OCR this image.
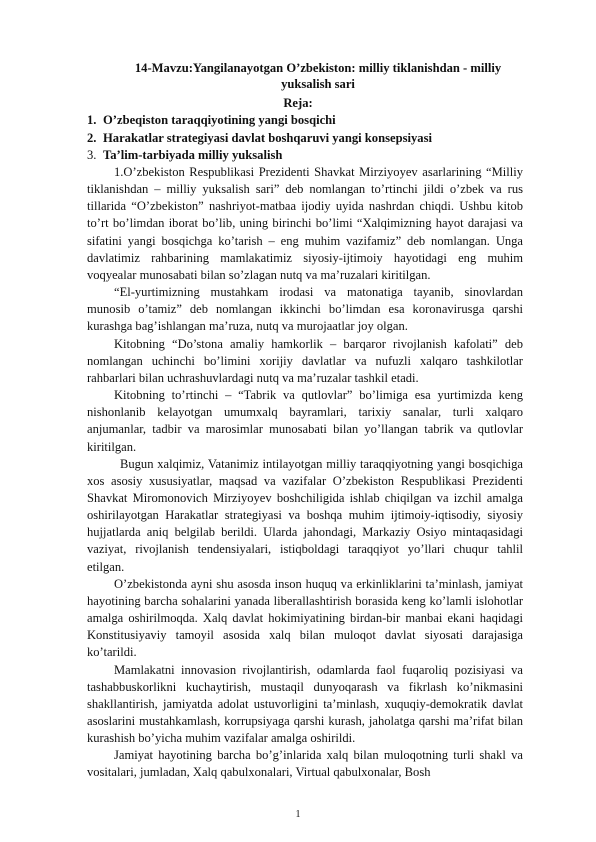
14-Mavzu:Yangilanayotgan O’zbekiston: milliy tiklanishdan - milliy yuksalish sari
Reja:
1. O’zbeqiston taraqqiyotining yangi bosqichi
2. Harakatlar strategiyasi davlat boshqaruvi yangi konsepsiyasi
3. Ta’lim-tarbiyada milliy yuksalish

1.O’zbekiston Respublikasi Prezidenti Shavkat Mirziyoyev asarlarining “Milliy tiklanishdan – milliy yuksalish sari” deb nomlangan to’rtinchi jildi o’zbek va rus tillarida “O’zbekiston” nashriyot-matbaa ijodiy uyida nashrdan chiqdi. Ushbu kitob to’rt bo’limdan iborat bo’lib, uning birinchi bo’limi “Xalqimizning hayot darajasi va sifatini yangi bosqichga ko’tarish – eng muhim vazifamiz” deb nomlangan. Unga davlatimiz rahbarining mamlakatimiz siyosiy-ijtimoiy hayotidagi eng muhim voqyealar munosabati bilan so’zlagan nutq va ma’ruzalari kiritilgan.

“El-yurtimizning mustahkam irodasi va matonatiga tayanib, sinovlardan munosib o’tamiz” deb nomlangan ikkinchi bo’limdan esa koronavirusga qarshi kurashga bag’ishlangan ma’ruza, nutq va murojaatlar joy olgan.

Kitobning “Do’stona amaliy hamkorlik – barqaror rivojlanish kafolati” deb nomlangan uchinchi bo’limini xorijiy davlatlar va nufuzli xalqaro tashkilotlar rahbarlari bilan uchrashuvlardagi nutq va ma’ruzalar tashkil etadi.

Kitobning to’rtinchi – “Tabrik va qutlovlar” bo’limiga esa yurtimizda keng nishonlanib kelayotgan umumxalq bayramlari, tarixiy sanalar, turli xalqaro anjumanlar, tadbir va marosimlar munosabati bilan yo’llangan tabrik va qutlovlar kiritilgan.

Bugun xalqimiz, Vatanimiz intilayotgan milliy taraqqiyotning yangi bosqichiga xos asosiy xususiyatlar, maqsad va vazifalar O’zbekiston Respublikasi Prezidenti Shavkat Miromonovich Mirziyoyev boshchiligida ishlab chiqilgan va izchil amalga oshirilayotgan Harakatlar strategiyasi va boshqa muhim ijtimoiy-iqtisodiy, siyosiy hujjatlarda aniq belgilab berildi. Ularda jahondagi, Markaziy Osiyo mintaqasidagi vaziyat, rivojlanish tendensiyalari, istiqboldagi taraqqiyot yo’llari chuqur tahlil etilgan.

O’zbekistonda ayni shu asosda inson huquq va erkinliklarini ta’minlash, jamiyat hayotining barcha sohalarini yanada liberallashtirish borasida keng ko’lamli islohotlar amalga oshirilmoqda. Xalq davlat hokimiyatining birdan-bir manbai ekani haqidagi Konstitusiyaviy tamoyil asosida xalq bilan muloqot davlat siyosati darajasiga ko’tarildi.

Mamlakatni innovasion rivojlantirish, odamlarda faol fuqaroliq pozisiyasi va tashabbuskorlikni kuchaytirish, mustaqil dunyoqarash va fikrlash ko’nikmasini shakllantirish, jamiyatda adolat ustuvorligini ta’minlash, xuquqiy-demokratik davlat asoslarini mustahkamlash, korrupsiyaga qarshi kurash, jaholatga qarshi ma’rifat bilan kurashish bo’yicha muhim vazifalar amalga oshirildi.

Jamiyat hayotining barcha bo’g’inlarida xalq bilan muloqotning turli shakl va vositalari, jumladan, Xalq qabulxonalari, Virtual qabulxonalar, Bosh

1
